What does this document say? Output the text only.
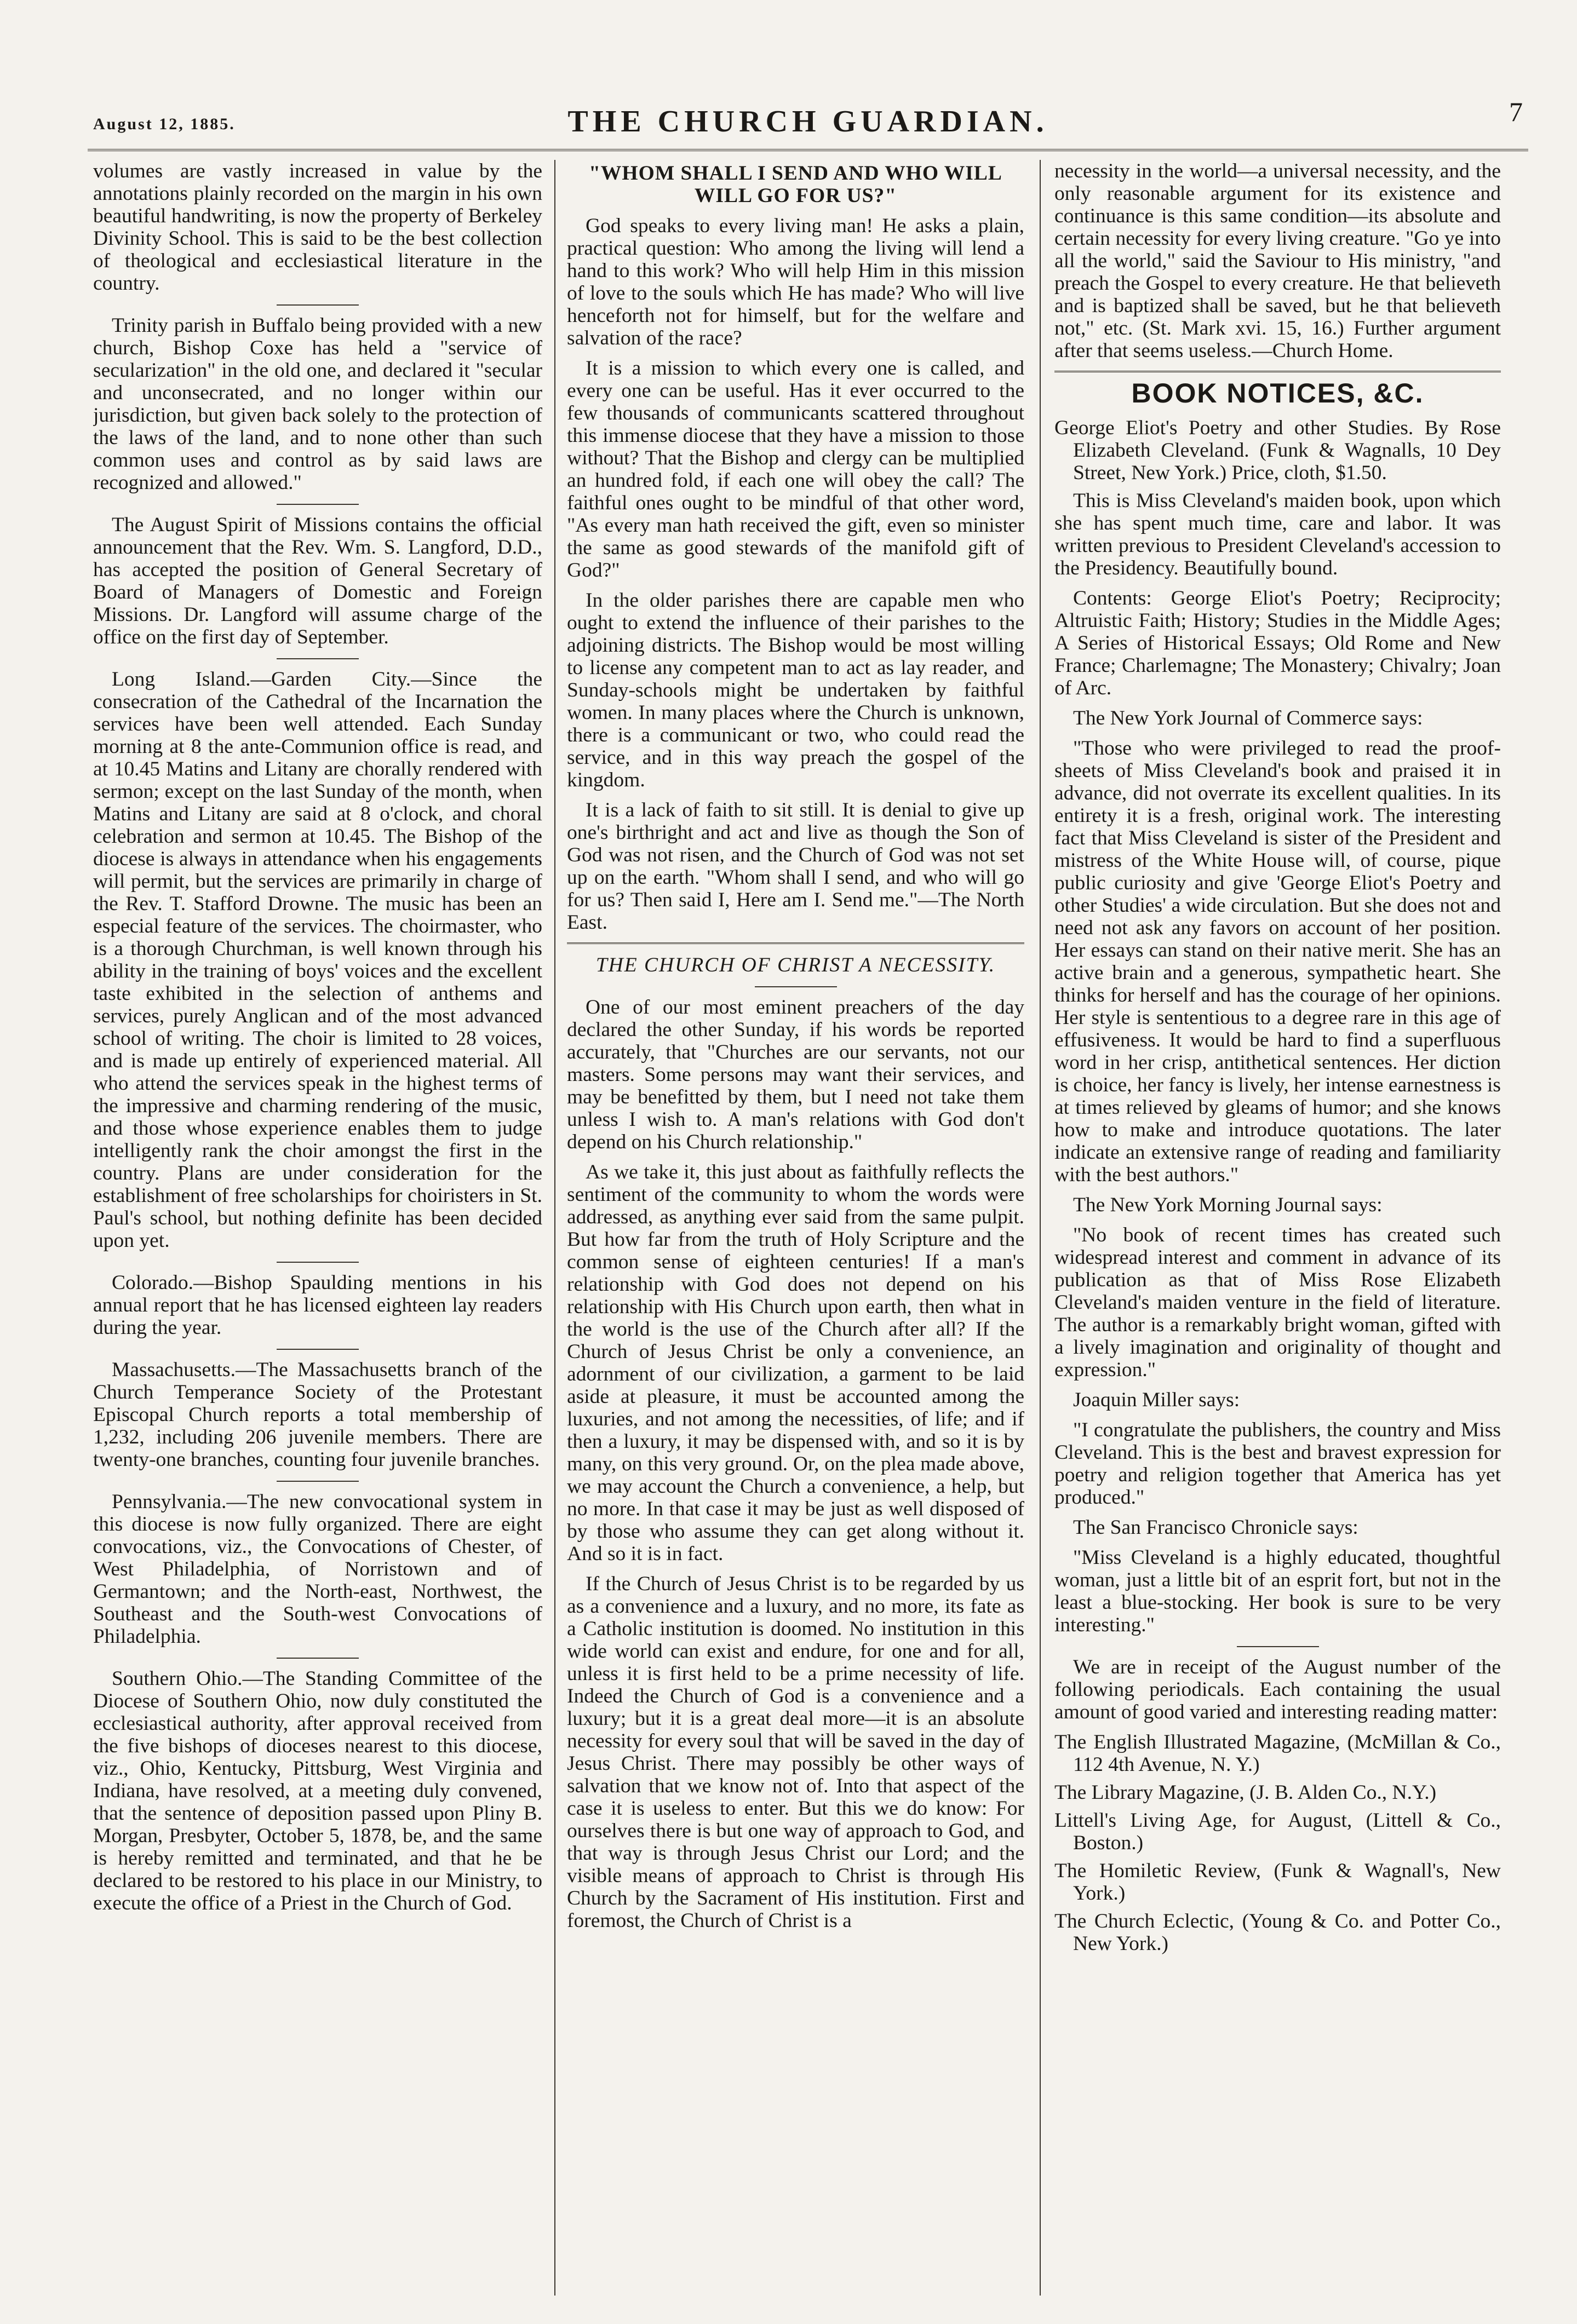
August 12, 1885.	THE CHURCH GUARDIAN.	7

volumes are vastly increased in value by the annotations plainly recorded on the margin in his own beautiful handwriting, is now the property of Berkeley Divinity School. This is said to be the best collection of theological and ecclesiastical literature in the country.

Trinity parish in Buffalo being provided with a new church, Bishop Coxe has held a "service of secularization" in the old one, and declared it "secular and unconsecrated, and no longer within our jurisdiction, but given back solely to the protection of the laws of the land, and to none other than such common uses and control as by said laws are recognized and allowed."

The August Spirit of Missions contains the official announcement that the Rev. Wm. S. Langford, D.D., has accepted the position of General Secretary of Board of Managers of Domestic and Foreign Missions. Dr. Langford will assume charge of the office on the first day of September.

Long Island.—Garden City.—Since the consecration of the Cathedral of the Incarnation the services have been well attended. Each Sunday morning at 8 the ante-Communion office is read, and at 10.45 Matins and Litany are chorally rendered with sermon; except on the last Sunday of the month, when Matins and Litany are said at 8 o'clock, and choral celebration and sermon at 10.45. The Bishop of the diocese is always in attendance when his engagements will permit, but the services are primarily in charge of the Rev. T. Stafford Drowne. The music has been an especial feature of the services. The choirmaster, who is a thorough Churchman, is well known through his ability in the training of boys' voices and the excellent taste exhibited in the selection of anthems and services, purely Anglican and of the most advanced school of writing. The choir is limited to 28 voices, and is made up entirely of experienced material. All who attend the services speak in the highest terms of the impressive and charming rendering of the music, and those whose experience enables them to judge intelligently rank the choir amongst the first in the country. Plans are under consideration for the establishment of free scholarships for choiristers in St. Paul's school, but nothing definite has been decided upon yet.

Colorado.—Bishop Spaulding mentions in his annual report that he has licensed eighteen lay readers during the year.

Massachusetts.—The Massachusetts branch of the Church Temperance Society of the Protestant Episcopal Church reports a total membership of 1,232, including 206 juvenile members. There are twenty-one branches, counting four juvenile branches.

Pennsylvania.—The new convocational system in this diocese is now fully organized. There are eight convocations, viz., the Convocations of Chester, of West Philadelphia, of Norristown and of Germantown; and the North-east, Northwest, the Southeast and the South-west Convocations of Philadelphia.

Southern Ohio.—The Standing Committee of the Diocese of Southern Ohio, now duly constituted the ecclesiastical authority, after approval received from the five bishops of dioceses nearest to this diocese, viz., Ohio, Kentucky, Pittsburg, West Virginia and Indiana, have resolved, at a meeting duly convened, that the sentence of deposition passed upon Pliny B. Morgan, Presbyter, October 5, 1878, be, and the same is hereby remitted and terminated, and that he be declared to be restored to his place in our Ministry, to execute the office of a Priest in the Church of God.

"WHOM SHALL I SEND AND WHO WILL WILL GO FOR US?"

God speaks to every living man! He asks a plain, practical question: Who among the living will lend a hand to this work? Who will help Him in this mission of love to the souls which He has made? Who will live henceforth not for himself, but for the welfare and salvation of the race?

It is a mission to which every one is called, and every one can be useful. Has it ever occurred to the few thousands of communicants scattered throughout this immense diocese that they have a mission to those without? That the Bishop and clergy can be multiplied an hundred fold, if each one will obey the call? The faithful ones ought to be mindful of that other word, "As every man hath received the gift, even so minister the same as good stewards of the manifold gift of God?"

In the older parishes there are capable men who ought to extend the influence of their parishes to the adjoining districts. The Bishop would be most willing to license any competent man to act as lay reader, and Sunday-schools might be undertaken by faithful women. In many places where the Church is unknown, there is a communicant or two, who could read the service, and in this way preach the gospel of the kingdom.

It is a lack of faith to sit still. It is denial to give up one's birthright and act and live as though the Son of God was not risen, and the Church of God was not set up on the earth. "Whom shall I send, and who will go for us? Then said I, Here am I. Send me."—The North East.

THE CHURCH OF CHRIST A NECESSITY.

One of our most eminent preachers of the day declared the other Sunday, if his words be reported accurately, that "Churches are our servants, not our masters. Some persons may want their services, and may be benefitted by them, but I need not take them unless I wish to. A man's relations with God don't depend on his Church relationship."

As we take it, this just about as faithfully reflects the sentiment of the community to whom the words were addressed, as anything ever said from the same pulpit. But how far from the truth of Holy Scripture and the common sense of eighteen centuries! If a man's relationship with God does not depend on his relationship with His Church upon earth, then what in the world is the use of the Church after all? If the Church of Jesus Christ be only a convenience, an adornment of our civilization, a garment to be laid aside at pleasure, it must be accounted among the luxuries, and not among the necessities, of life; and if then a luxury, it may be dispensed with, and so it is by many, on this very ground. Or, on the plea made above, we may account the Church a convenience, a help, but no more. In that case it may be just as well disposed of by those who assume they can get along without it. And so it is in fact.

If the Church of Jesus Christ is to be regarded by us as a convenience and a luxury, and no more, its fate as a Catholic institution is doomed. No institution in this wide world can exist and endure, for one and for all, unless it is first held to be a prime necessity of life. Indeed the Church of God is a convenience and a luxury; but it is a great deal more—it is an absolute necessity for every soul that will be saved in the day of Jesus Christ. There may possibly be other ways of salvation that we know not of. Into that aspect of the case it is useless to enter. But this we do know: For ourselves there is but one way of approach to God, and that way is through Jesus Christ our Lord; and the visible means of approach to Christ is through His Church by the Sacrament of His institution. First and foremost, the Church of Christ is a

necessity in the world—a universal necessity, and the only reasonable argument for its existence and continuance is this same condition—its absolute and certain necessity for every living creature. "Go ye into all the world," said the Saviour to His ministry, "and preach the Gospel to every creature. He that believeth and is baptized shall be saved, but he that believeth not," etc. (St. Mark xvi. 15, 16.) Further argument after that seems useless.—Church Home.

BOOK NOTICES, &C.

George Eliot's Poetry and other Studies. By Rose Elizabeth Cleveland. (Funk & Wagnalls, 10 Dey Street, New York.) Price, cloth, $1.50.

This is Miss Cleveland's maiden book, upon which she has spent much time, care and labor. It was written previous to President Cleveland's accession to the Presidency. Beautifully bound.

Contents: George Eliot's Poetry; Reciprocity; Altruistic Faith; History; Studies in the Middle Ages; A Series of Historical Essays; Old Rome and New France; Charlemagne; The Monastery; Chivalry; Joan of Arc.

The New York Journal of Commerce says:

"Those who were privileged to read the proof-sheets of Miss Cleveland's book and praised it in advance, did not overrate its excellent qualities. In its entirety it is a fresh, original work. The interesting fact that Miss Cleveland is sister of the President and mistress of the White House will, of course, pique public curiosity and give 'George Eliot's Poetry and other Studies' a wide circulation. But she does not and need not ask any favors on account of her position. Her essays can stand on their native merit. She has an active brain and a generous, sympathetic heart. She thinks for herself and has the courage of her opinions. Her style is sententious to a degree rare in this age of effusiveness. It would be hard to find a superfluous word in her crisp, antithetical sentences. Her diction is choice, her fancy is lively, her intense earnestness is at times relieved by gleams of humor; and she knows how to make and introduce quotations. The later indicate an extensive range of reading and familiarity with the best authors."

The New York Morning Journal says:

"No book of recent times has created such widespread interest and comment in advance of its publication as that of Miss Rose Elizabeth Cleveland's maiden venture in the field of literature. The author is a remarkably bright woman, gifted with a lively imagination and originality of thought and expression."

Joaquin Miller says:

"I congratulate the publishers, the country and Miss Cleveland. This is the best and bravest expression for poetry and religion together that America has yet produced."

The San Francisco Chronicle says:

"Miss Cleveland is a highly educated, thoughtful woman, just a little bit of an esprit fort, but not in the least a blue-stocking. Her book is sure to be very interesting."

We are in receipt of the August number of the following periodicals. Each containing the usual amount of good varied and interesting reading matter:

The English Illustrated Magazine, (McMillan & Co., 112 4th Avenue, N. Y.)

The Library Magazine, (J. B. Alden Co., N.Y.)

Littell's Living Age, for August, (Littell & Co., Boston.)

The Homiletic Review, (Funk & Wagnall's, New York.)

The Church Eclectic, (Young & Co. and Potter Co., New York.)
